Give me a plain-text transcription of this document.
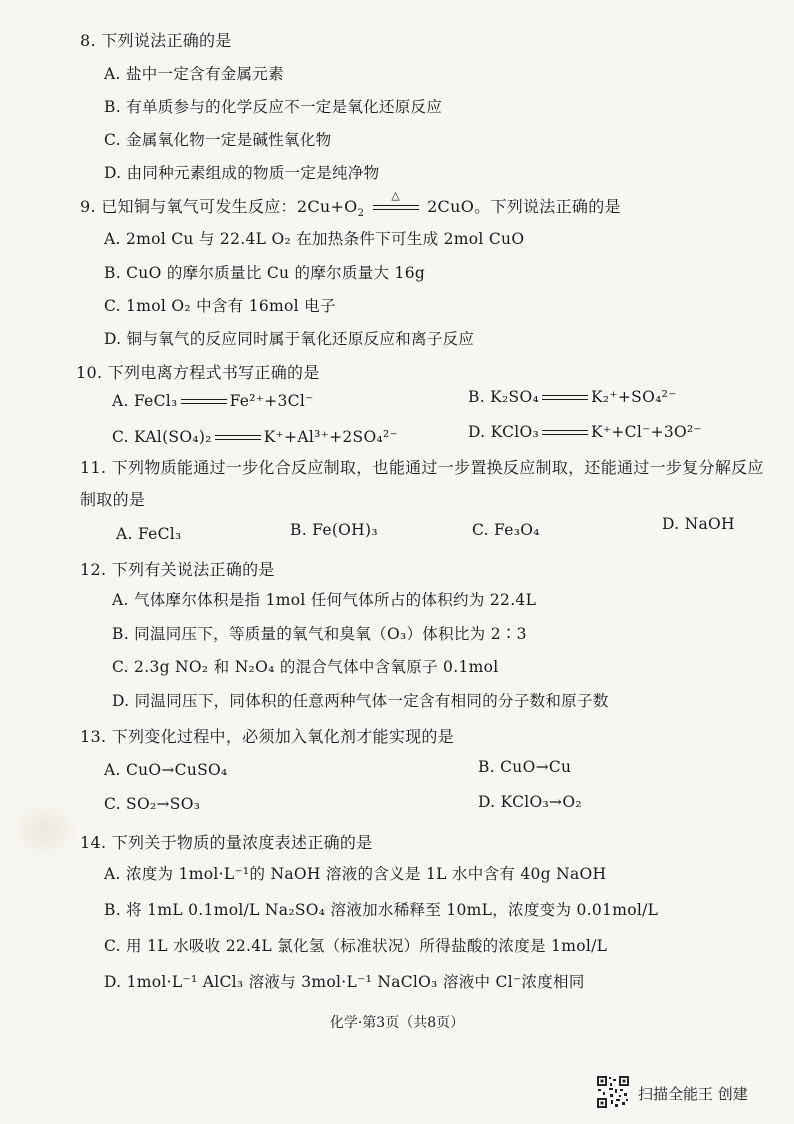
8. 下列说法正确的是
A. 盐中一定含有金属元素
B. 有单质参与的化学反应不一定是氧化还原反应
C. 金属氧化物一定是碱性氧化物
D. 由同种元素组成的物质一定是纯净物
9. 已知铜与氧气可发生反应：$2Cu+O_2$
△
2CuO。下列说法正确的是
A. 2mol Cu 与 22.4L O₂ 在加热条件下可生成 2mol CuO
B. CuO 的摩尔质量比 Cu 的摩尔质量大 16g
C. 1mol O₂ 中含有 16mol 电子
D. 铜与氧气的反应同时属于氧化还原反应和离子反应
10. 下列电离方程式书写正确的是
A. FeCl₃	Fe²⁺+3Cl⁻	B. K₂SO₄	K₂⁺+SO₄²⁻
C. KAl(SO₄)₂	K⁺+Al³⁺+2SO₄²⁻	D. KClO₃	K⁺+Cl⁻+3O²⁻
11. 下列物质能通过一步化合反应制取，也能通过一步置换反应制取，还能通过一步复分解反应制取的是
A. FeCl₃	B. Fe(OH)₃	C. Fe₃O₄	D. NaOH
12. 下列有关说法正确的是
A. 气体摩尔体积是指 1mol 任何气体所占的体积约为 22.4L
B. 同温同压下，等质量的氧气和臭氧（O₃）体积比为 2∶3
C. 2.3g NO₂ 和 N₂O₄ 的混合气体中含氧原子 0.1mol
D. 同温同压下，同体积的任意两种气体一定含有相同的分子数和原子数
13. 下列变化过程中，必须加入氧化剂才能实现的是
A. CuO→CuSO₄	B. CuO→Cu
C. SO₂→SO₃	D. KClO₃→O₂
14. 下列关于物质的量浓度表述正确的是
A. 浓度为 1mol·L⁻¹的 NaOH 溶液的含义是 1L 水中含有 40g NaOH
B. 将 1mL 0.1mol/L Na₂SO₄ 溶液加水稀释至 10mL，浓度变为 0.01mol/L
C. 用 1L 水吸收 22.4L 氯化氢（标准状况）所得盐酸的浓度是 1mol/L
D. 1mol·L⁻¹ AlCl₃ 溶液与 3mol·L⁻¹ NaClO₃ 溶液中 Cl⁻浓度相同
化学·第3页（共8页）
扫描全能王 创建
